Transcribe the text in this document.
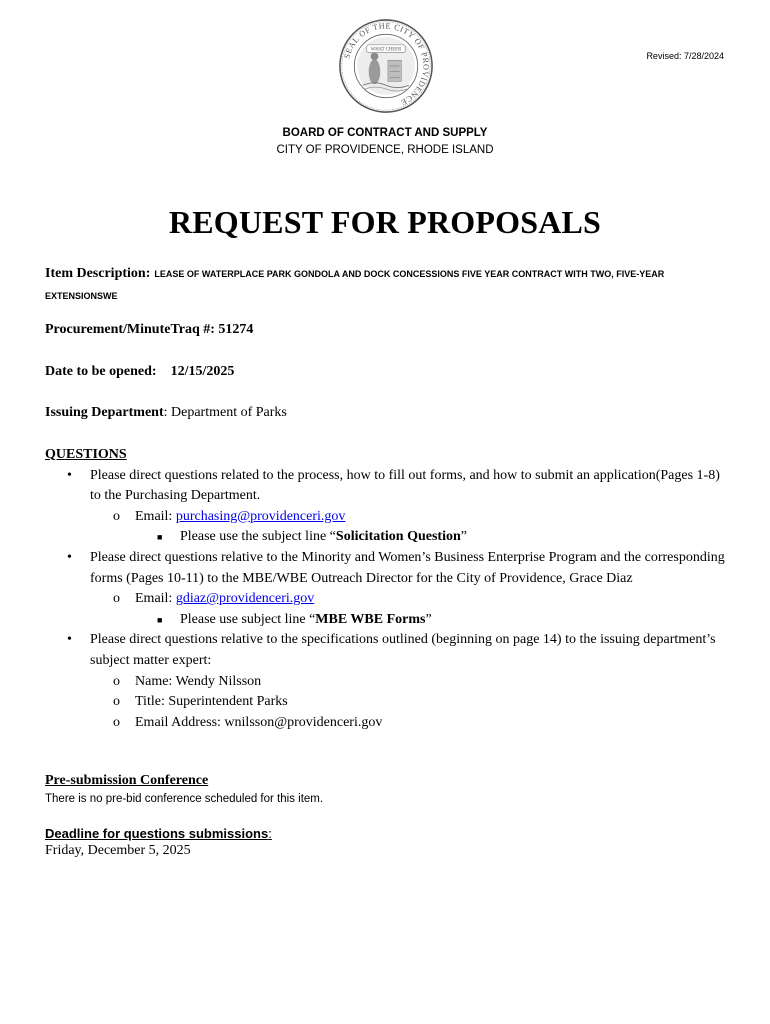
SEAL OF THE CITY OF PROVIDENCE
WHAT CHEER
Revised: 7/28/2024
BOARD OF CONTRACT AND SUPPLY
CITY OF PROVIDENCE, RHODE ISLAND
REQUEST FOR PROPOSALS
Item Description: LEASE OF WATERPLACE PARK GONDOLA AND DOCK CONCESSIONS FIVE YEAR CONTRACT WITH TWO, FIVE-YEAR EXTENSIONSWE
Procurement/MinuteTraq #: 51274
Date to be opened: 12/15/2025
Issuing Department: Department of Parks
QUESTIONS
• Please direct questions related to the process, how to fill out forms, and how to submit an application(Pages 1-8) to the Purchasing Department.
o Email: purchasing@providenceri.gov
■ Please use the subject line “Solicitation Question”
• Please direct questions relative to the Minority and Women’s Business Enterprise Program and the corresponding forms (Pages 10-11) to the MBE/WBE Outreach Director for the City of Providence, Grace Diaz
o Email: gdiaz@providenceri.gov
■ Please use subject line “MBE WBE Forms”
• Please direct questions relative to the specifications outlined (beginning on page 14) to the issuing department’s subject matter expert:
o Name: Wendy Nilsson
o Title: Superintendent Parks
o Email Address: wnilsson@providenceri.gov
Pre-submission Conference
There is no pre-bid conference scheduled for this item.
Deadline for questions submissions:
Friday, December 5, 2025
